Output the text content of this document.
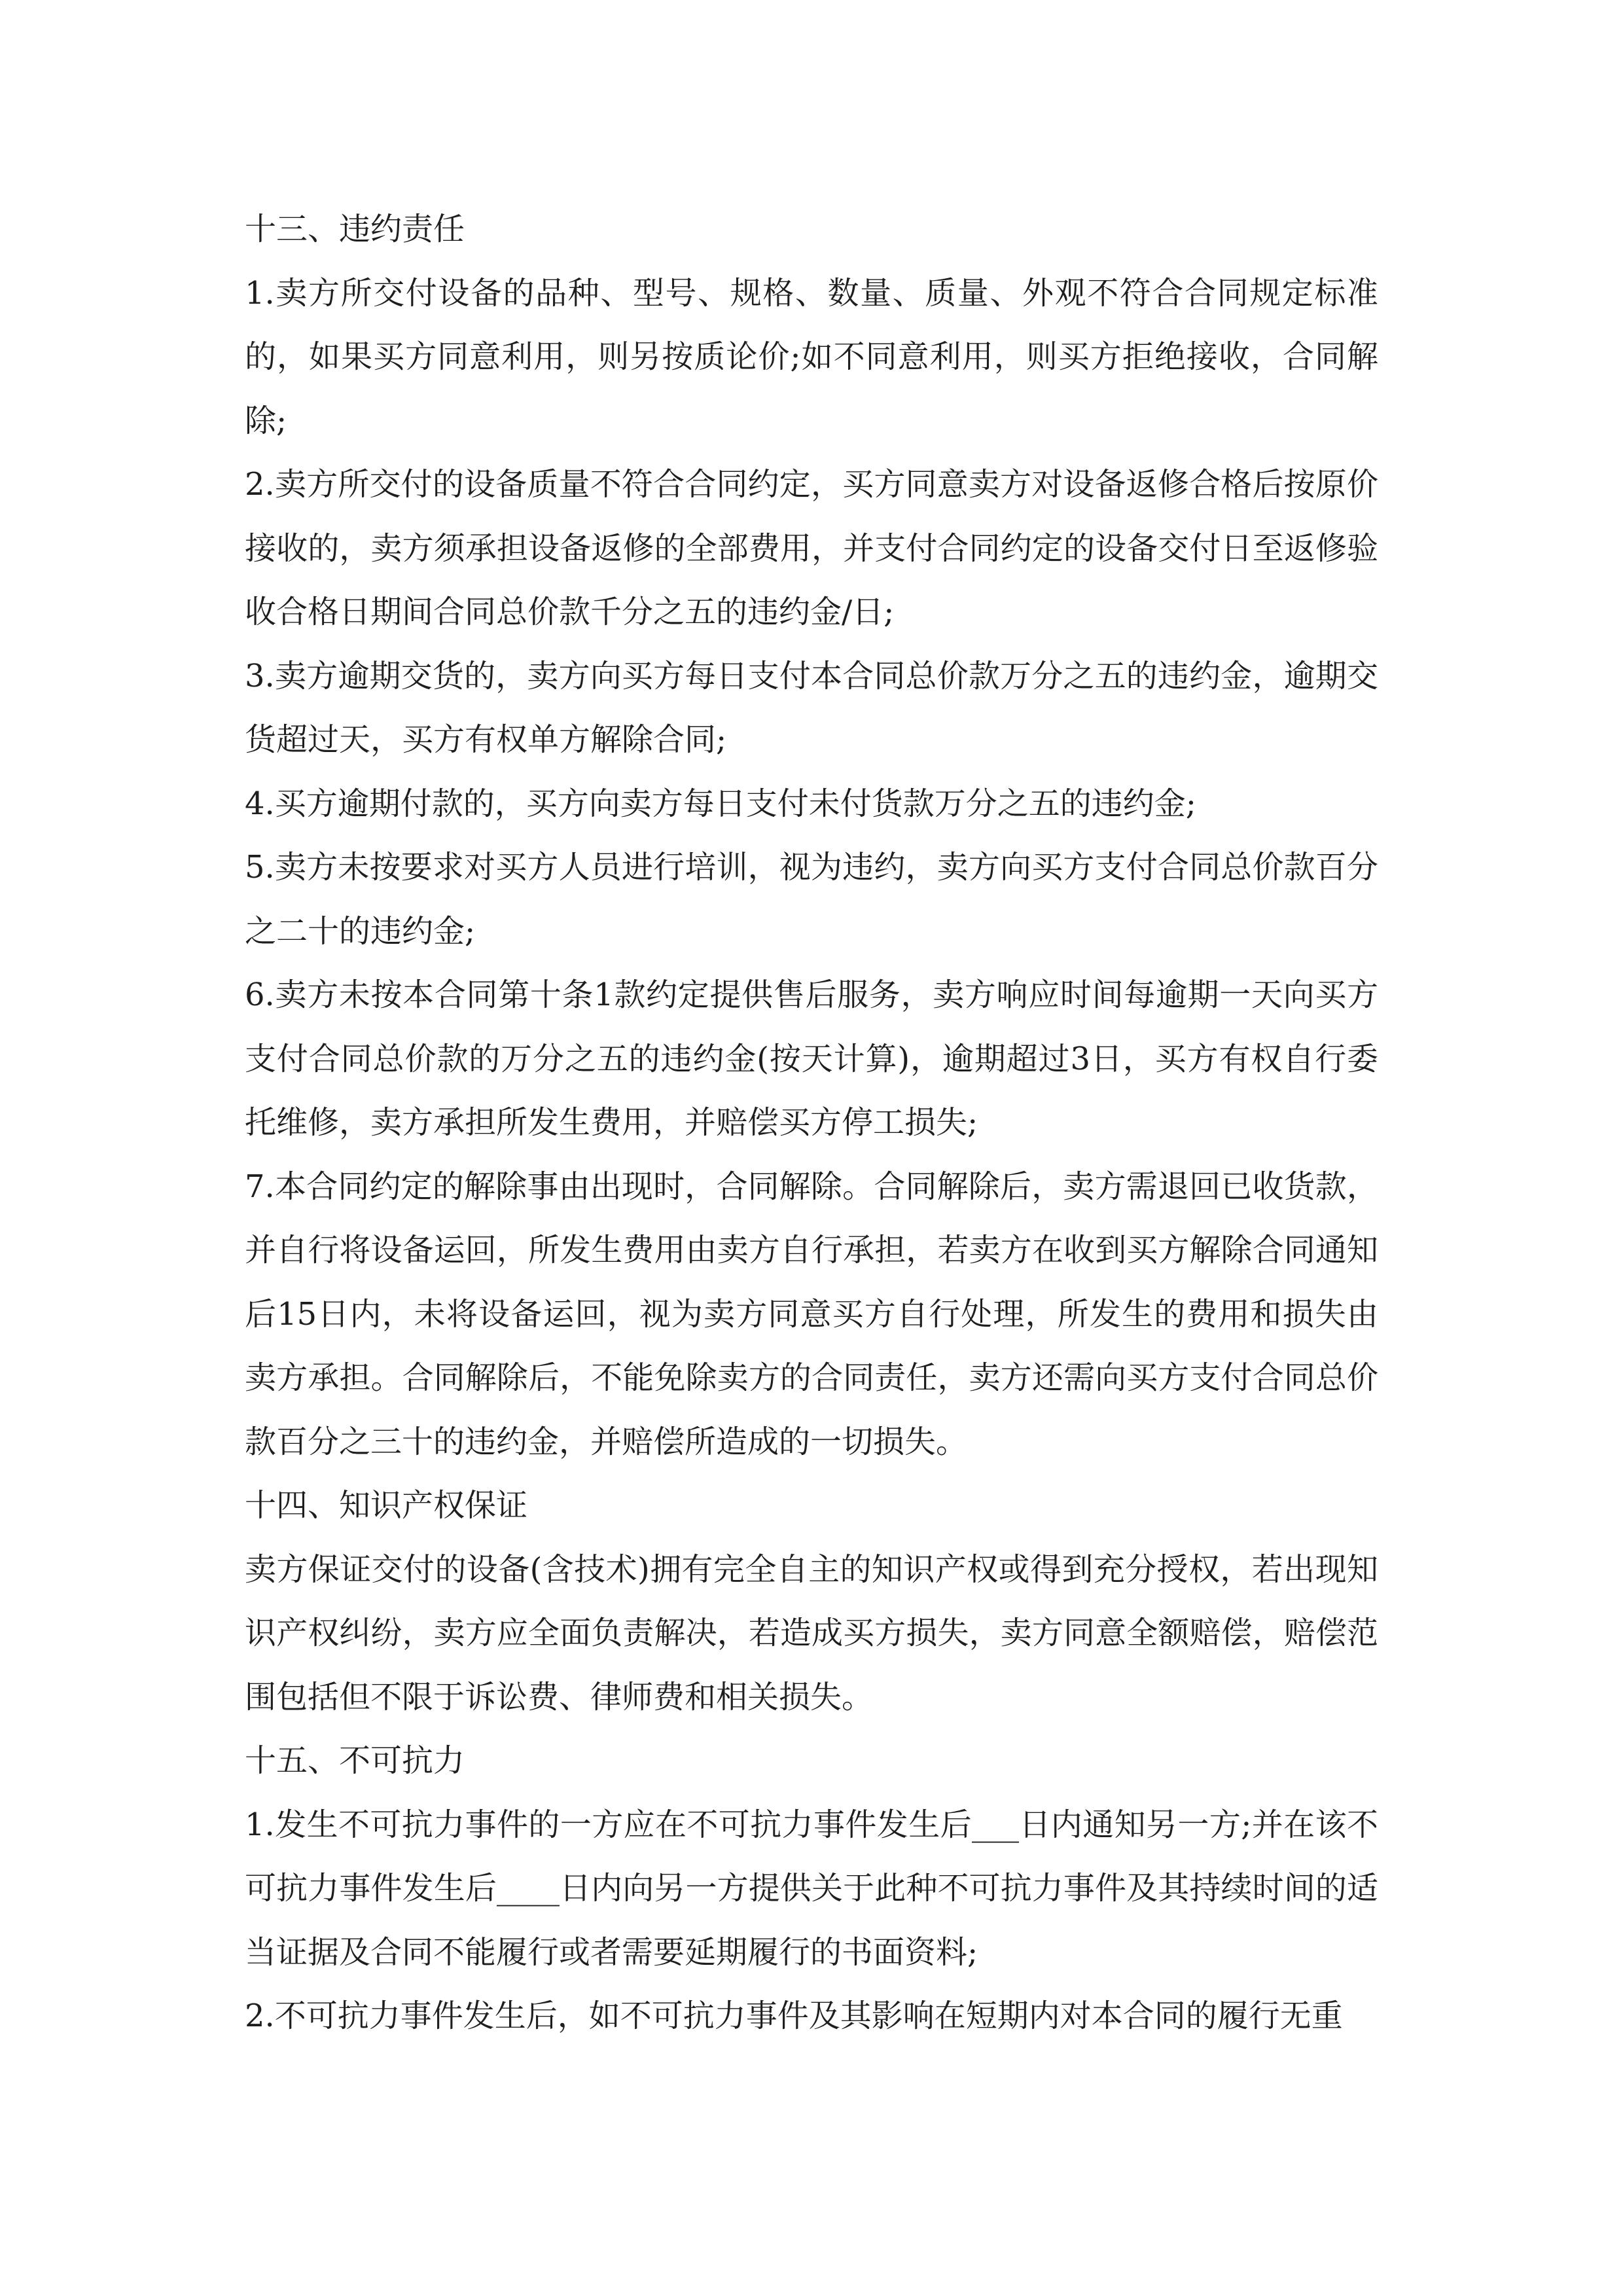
十三、违约责任

1.卖方所交付设备的品种、型号、规格、数量、质量、外观不符合合同规定标准的，如果买方同意利用，则另按质论价;如不同意利用，则买方拒绝接收，合同解除;

2.卖方所交付的设备质量不符合合同约定，买方同意卖方对设备返修合格后按原价接收的，卖方须承担设备返修的全部费用，并支付合同约定的设备交付日至返修验收合格日期间合同总价款千分之五的违约金/日;

3.卖方逾期交货的，卖方向买方每日支付本合同总价款万分之五的违约金，逾期交货超过天，买方有权单方解除合同;

4.买方逾期付款的，买方向卖方每日支付未付货款万分之五的违约金;

5.卖方未按要求对买方人员进行培训，视为违约，卖方向买方支付合同总价款百分之二十的违约金;

6.卖方未按本合同第十条1款约定提供售后服务，卖方响应时间每逾期一天向买方支付合同总价款的万分之五的违约金(按天计算)，逾期超过3日，买方有权自行委托维修，卖方承担所发生费用，并赔偿买方停工损失;

7.本合同约定的解除事由出现时，合同解除。合同解除后，卖方需退回已收货款，并自行将设备运回，所发生费用由卖方自行承担，若卖方在收到买方解除合同通知后15日内，未将设备运回，视为卖方同意买方自行处理，所发生的费用和损失由卖方承担。合同解除后，不能免除卖方的合同责任，卖方还需向买方支付合同总价款百分之三十的违约金，并赔偿所造成的一切损失。

十四、知识产权保证

卖方保证交付的设备(含技术)拥有完全自主的知识产权或得到充分授权，若出现知识产权纠纷，卖方应全面负责解决，若造成买方损失，卖方同意全额赔偿，赔偿范围包括但不限于诉讼费、律师费和相关损失。

十五、不可抗力

1.发生不可抗力事件的一方应在不可抗力事件发生后___日内通知另一方;并在该不可抗力事件发生后____日内向另一方提供关于此种不可抗力事件及其持续时间的适当证据及合同不能履行或者需要延期履行的书面资料;

2.不可抗力事件发生后，如不可抗力事件及其影响在短期内对本合同的履行无重
